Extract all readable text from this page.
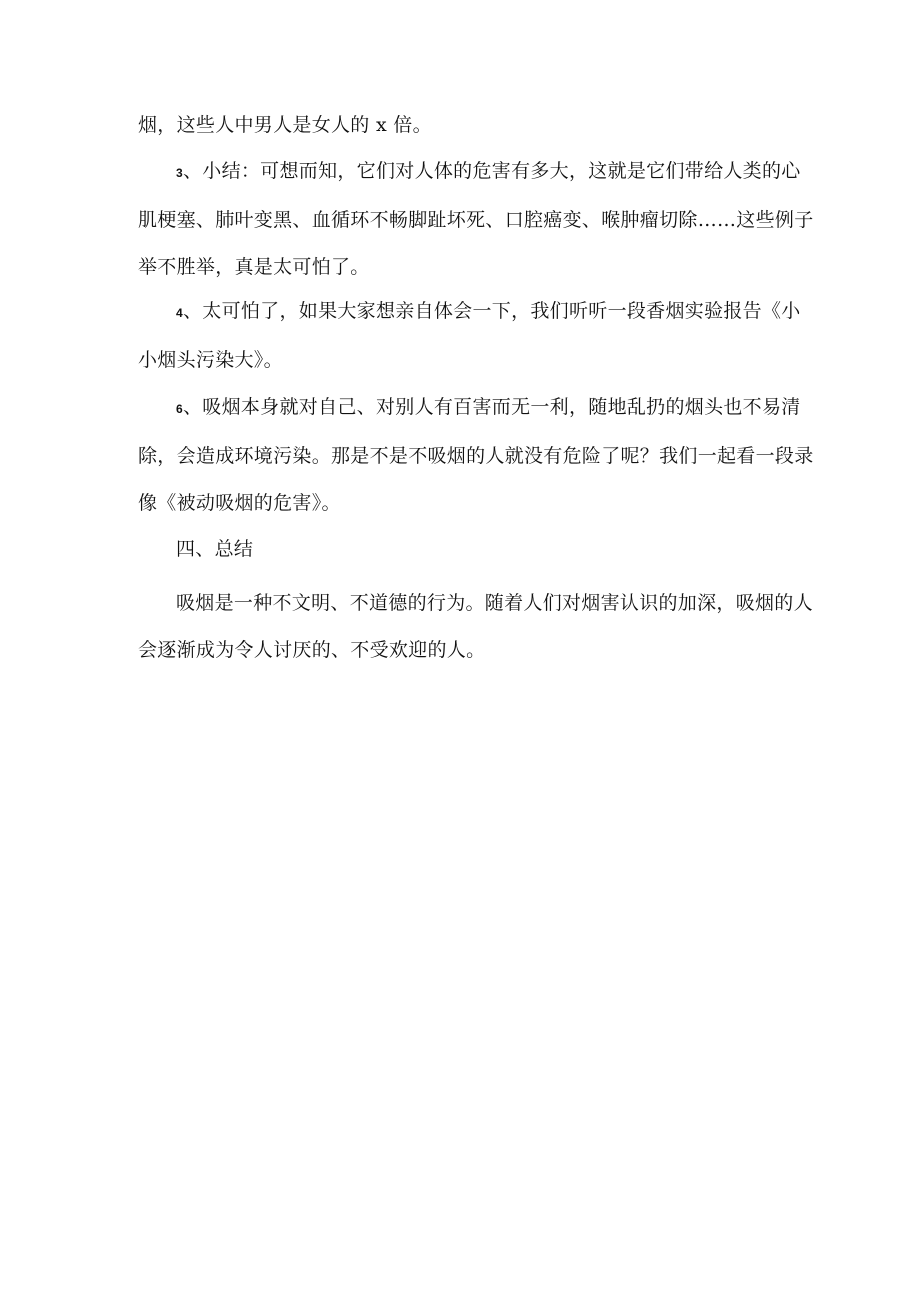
烟，这些人中男人是女人的 x 倍。

3、小结：可想而知，它们对人体的危害有多大，这就是它们带给人类的心
肌梗塞、肺叶变黑、血循环不畅脚趾坏死、口腔癌变、喉肿瘤切除……这些例子
举不胜举，真是太可怕了。

4、太可怕了，如果大家想亲自体会一下，我们听听一段香烟实验报告《小
小烟头污染大》。

6、吸烟本身就对自己、对别人有百害而无一利，随地乱扔的烟头也不易清
除，会造成环境污染。那是不是不吸烟的人就没有危险了呢？我们一起看一段录
像《被动吸烟的危害》。

四、总结

吸烟是一种不文明、不道德的行为。随着人们对烟害认识的加深，吸烟的人
会逐渐成为令人讨厌的、不受欢迎的人。
